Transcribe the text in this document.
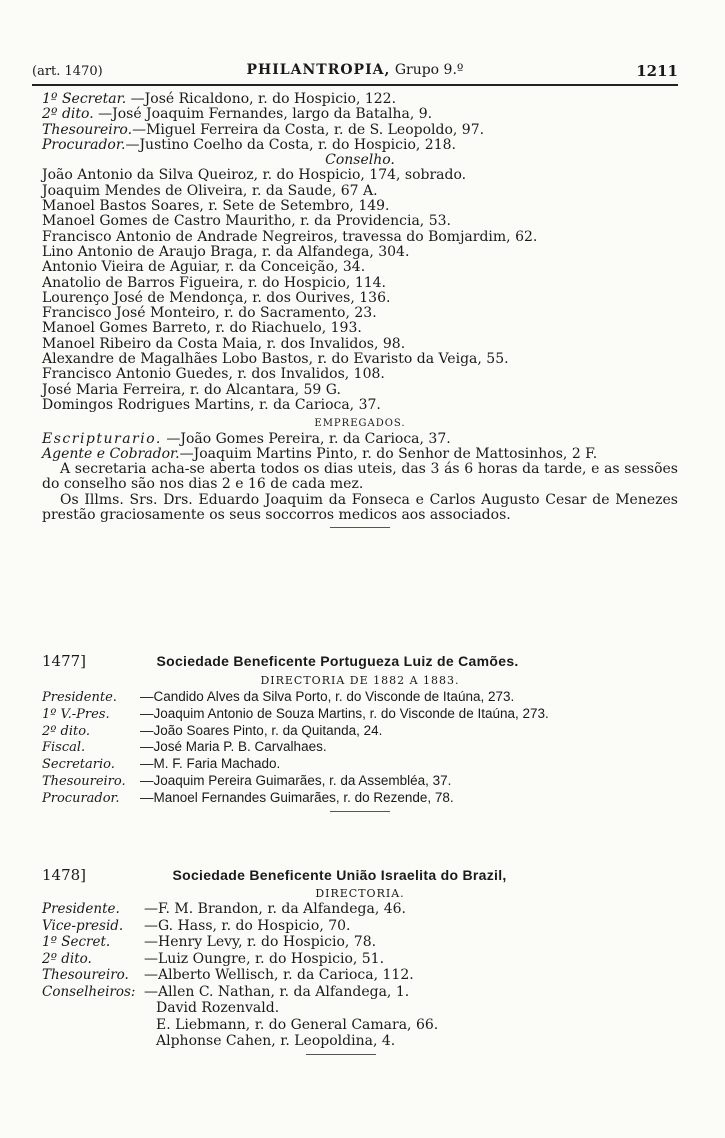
(art. 1470)	PHILANTROPIA, Grupo 9.º	1211
1º Secretar. —José Ricaldono, r. do Hospicio, 122.
2º dito. —José Joaquim Fernandes, largo da Batalha, 9.
Thesoureiro.—Miguel Ferreira da Costa, r. de S. Leopoldo, 97.
Procurador.—Justino Coelho da Costa, r. do Hospicio, 218.
Conselho.
João Antonio da Silva Queiroz, r. do Hospicio, 174, sobrado.
Joaquim Mendes de Oliveira, r. da Saude, 67 A.
Manoel Bastos Soares, r. Sete de Setembro, 149.
Manoel Gomes de Castro Mauritho, r. da Providencia, 53.
Francisco Antonio de Andrade Negreiros, travessa do Bomjardim, 62.
Lino Antonio de Araujo Braga, r. da Alfandega, 304.
Antonio Vieira de Aguiar, r. da Conceição, 34.
Anatolio de Barros Figueira, r. do Hospicio, 114.
Lourenço José de Mendonça, r. dos Ourives, 136.
Francisco José Monteiro, r. do Sacramento, 23.
Manoel Gomes Barreto, r. do Riachuelo, 193.
Manoel Ribeiro da Costa Maia, r. dos Invalidos, 98.
Alexandre de Magalhães Lobo Bastos, r. do Evaristo da Veiga, 55.
Francisco Antonio Guedes, r. dos Invalidos, 108.
José Maria Ferreira, r. do Alcantara, 59 G.
Domingos Rodrigues Martins, r. da Carioca, 37.
EMPREGADOS.
Escripturario. —João Gomes Pereira, r. da Carioca, 37.
Agente e Cobrador.—Joaquim Martins Pinto, r. do Senhor de Mattosinhos, 2 F.
A secretaria acha-se aberta todos os dias uteis, das 3 ás 6 horas da tarde, e as sessões do conselho são nos dias 2 e 16 de cada mez.
Os Illms. Srs. Drs. Eduardo Joaquim da Fonseca e Carlos Augusto Cesar de Menezes prestão graciosamente os seus soccorros medicos aos associados.
1477]	Sociedade Beneficente Portugueza Luiz de Camões.
DIRECTORIA DE 1882 A 1883.
Presidente. —Candido Alves da Silva Porto, r. do Visconde de Itaúna, 273.
1º V.-Pres. —Joaquim Antonio de Souza Martins, r. do Visconde de Itaúna, 273.
2º dito.	—João Soares Pinto, r. da Quitanda, 24.
Fiscal.	—José Maria P. B. Carvalhaes.
Secretario. —M. F. Faria Machado.
Thesoureiro. —Joaquim Pereira Guimarães, r. da Assembléa, 37.
Procurador. —Manoel Fernandes Guimarães, r. do Rezende, 78.
1478]	Sociedade Beneficente União Israelita do Brazil,
DIRECTORIA.
Presidente. —F. M. Brandon, r. da Alfandega, 46.
Vice-presid. —G. Hass, r. do Hospicio, 70.
1º Secret. —Henry Levy, r. do Hospicio, 78.
2º dito.	—Luiz Oungre, r. do Hospicio, 51.
Thesoureiro. —Alberto Wellisch, r. da Carioca, 112.
Conselheiros: —Allen C. Nathan, r. da Alfandega, 1.
David Rozenvald.
E. Liebmann, r. do General Camara, 66.
Alphonse Cahen, r. Leopoldina, 4.
